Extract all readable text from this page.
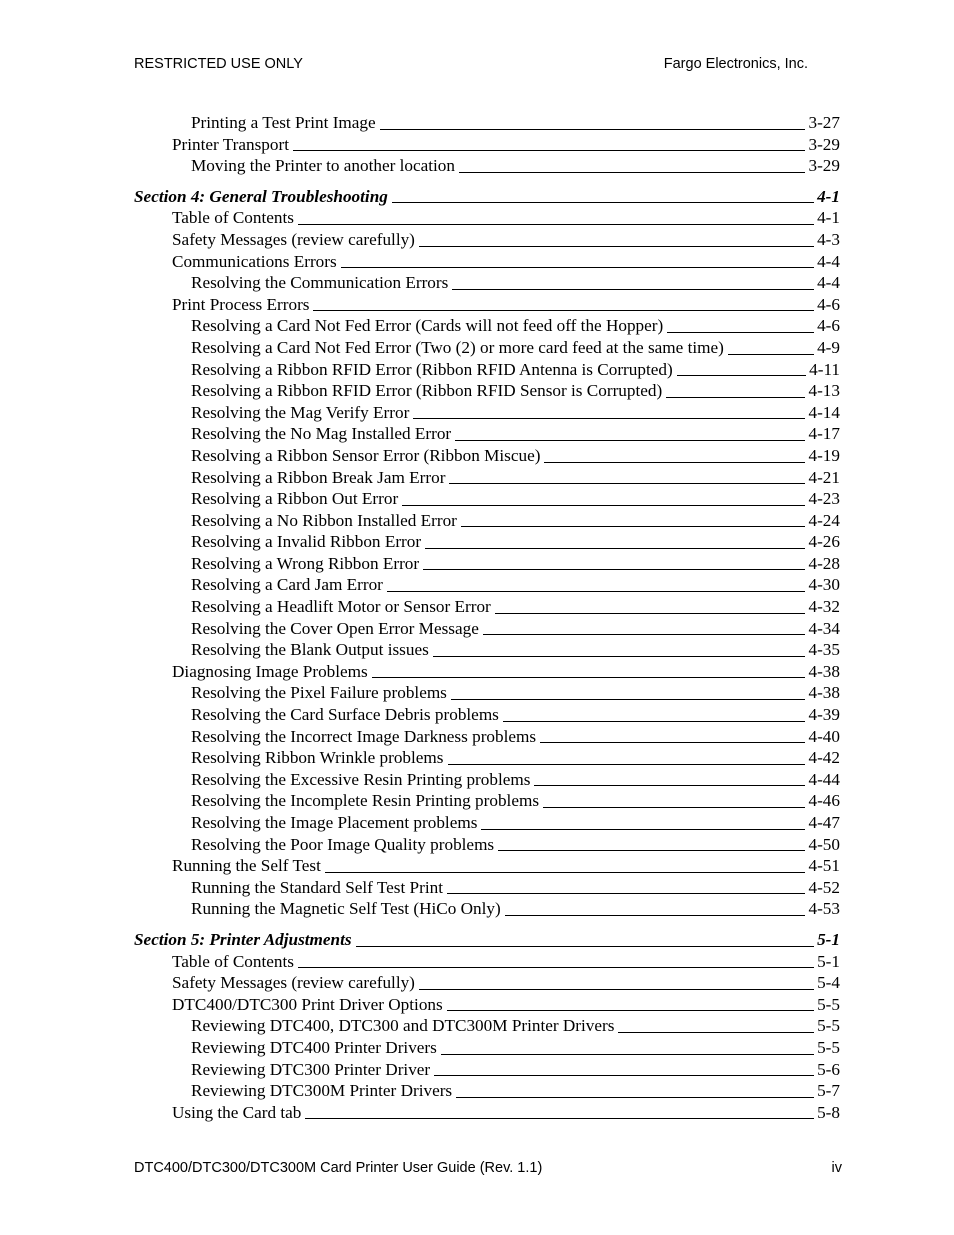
RESTRICTED USE ONLY	Fargo Electronics, Inc.
Printing a Test Print Image	3-27
Printer Transport	3-29
Moving the Printer to another location	3-29
Section 4: General Troubleshooting	4-1
Table of Contents	4-1
Safety Messages (review carefully)	4-3
Communications Errors	4-4
Resolving the Communication Errors	4-4
Print Process Errors	4-6
Resolving a Card Not Fed Error (Cards will not feed off the Hopper)	4-6
Resolving a Card Not Fed Error (Two (2) or more card feed at the same time)	4-9
Resolving a Ribbon RFID Error (Ribbon RFID Antenna is Corrupted)	4-11
Resolving a Ribbon RFID Error (Ribbon RFID Sensor is Corrupted)	4-13
Resolving the Mag Verify Error	4-14
Resolving the No Mag Installed Error	4-17
Resolving a Ribbon Sensor Error (Ribbon Miscue)	4-19
Resolving a Ribbon Break Jam Error	4-21
Resolving a Ribbon Out Error	4-23
Resolving a No Ribbon Installed Error	4-24
Resolving a Invalid Ribbon Error	4-26
Resolving a Wrong Ribbon Error	4-28
Resolving a Card Jam Error	4-30
Resolving a Headlift Motor or Sensor Error	4-32
Resolving the Cover Open Error Message	4-34
Resolving the Blank Output issues	4-35
Diagnosing Image Problems	4-38
Resolving the Pixel Failure problems	4-38
Resolving the Card Surface Debris problems	4-39
Resolving the Incorrect Image Darkness problems	4-40
Resolving Ribbon Wrinkle problems	4-42
Resolving the Excessive Resin Printing problems	4-44
Resolving the Incomplete Resin Printing problems	4-46
Resolving the Image Placement problems	4-47
Resolving the Poor Image Quality problems	4-50
Running the Self Test	4-51
Running the Standard Self Test Print	4-52
Running the Magnetic Self Test (HiCo Only)	4-53
Section 5: Printer Adjustments	5-1
Table of Contents	5-1
Safety Messages (review carefully)	5-4
DTC400/DTC300 Print Driver Options	5-5
Reviewing DTC400, DTC300 and DTC300M Printer Drivers	5-5
Reviewing DTC400 Printer Drivers	5-5
Reviewing DTC300 Printer Driver	5-6
Reviewing DTC300M Printer Drivers	5-7
Using the Card tab	5-8
DTC400/DTC300/DTC300M Card Printer User Guide (Rev. 1.1)	iv
